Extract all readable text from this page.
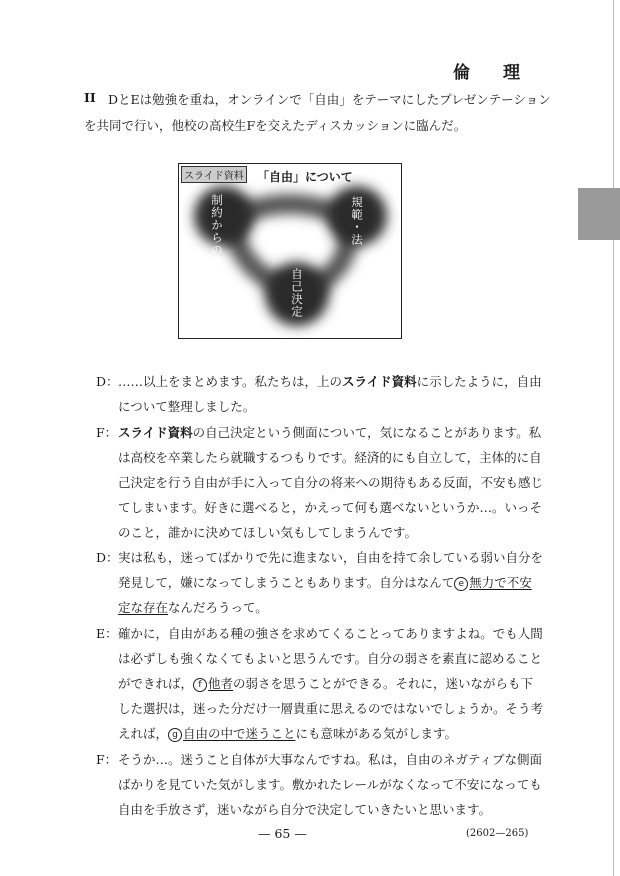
倫　理
II DとEは勉強を重ね，オンラインで「自由」をテーマにしたプレゼンテーション
を共同で行い，他校の高校生Fを交えたディスカッションに臨んだ。
スライド資料 「自由」について
制約からの解放	規範・法
自己決定
D： ……以上をまとめます。私たちは，上のスライド資料に示したように，自由
について整理しました。
F： スライド資料の自己決定という側面について，気になることがあります。私
は高校を卒業したら就職するつもりです。経済的にも自立して，主体的に自
己決定を行う自由が手に入って自分の将来への期待もある反面，不安も感じ
てしまいます。好きに選べると，かえって何も選べないというか…。いっそ
のこと，誰かに決めてほしい気もしてしまうんです。
D： 実は私も，迷ってばかりで先に進まない，自由を持て余している弱い自分を
発見して，嫌になってしまうこともあります。自分はなんて e 無力で不安
定な存在なんだろうって。
E： 確かに，自由がある種の強さを求めてくることってありますよね。でも人間
は必ずしも強くなくてもよいと思うんです。自分の弱さを素直に認めること
ができれば， f 他者の弱さを思うことができる。それに，迷いながらも下
した選択は，迷った分だけ一層貴重に思えるのではないでしょうか。そう考
えれば， g 自由の中で迷うことにも意味がある気がします。
F： そうか…。迷うこと自体が大事なんですね。私は，自由のネガティブな側面
ばかりを見ていた気がします。敷かれたレールがなくなって不安になっても
自由を手放さず，迷いながら自分で決定していきたいと思います。
— 65 —	(2602—265)
